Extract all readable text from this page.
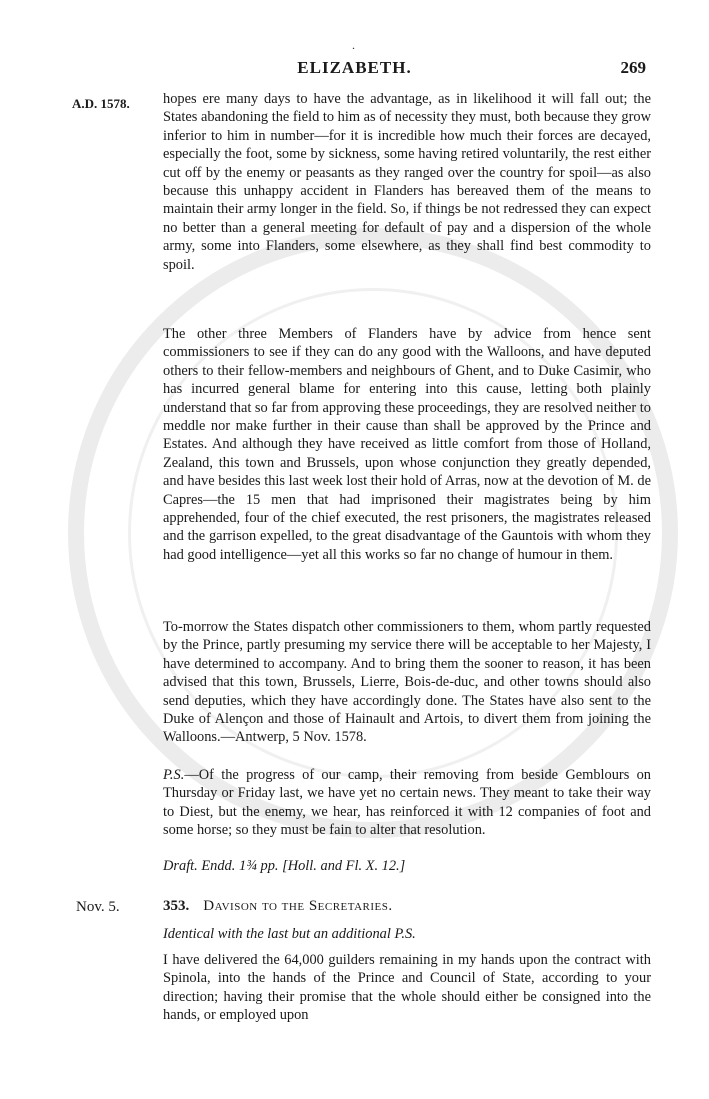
.
ELIZABETH.	269
A.D. 1578. hopes ere many days to have the advantage, as in likelihood it will fall out; the States abandoning the field to him as of necessity they must, both because they grow inferior to him in number—for it is incredible how much their forces are decayed, especially the foot, some by sickness, some having retired voluntarily, the rest either cut off by the enemy or peasants as they ranged over the country for spoil—as also because this unhappy accident in Flanders has bereaved them of the means to maintain their army longer in the field. So, if things be not redressed they can expect no better than a general meeting for default of pay and a dispersion of the whole army, some into Flanders, some elsewhere, as they shall find best commodity to spoil.

The other three Members of Flanders have by advice from hence sent commissioners to see if they can do any good with the Walloons, and have deputed others to their fellow-members and neighbours of Ghent, and to Duke Casimir, who has incurred general blame for entering into this cause, letting both plainly understand that so far from approving these proceedings, they are resolved neither to meddle nor make further in their cause than shall be approved by the Prince and Estates. And although they have received as little comfort from those of Holland, Zealand, this town and Brussels, upon whose conjunction they greatly depended, and have besides this last week lost their hold of Arras, now at the devotion of M. de Capres—the 15 men that had imprisoned their magistrates being by him apprehended, four of the chief executed, the rest prisoners, the magistrates released and the garrison expelled, to the great disadvantage of the Gauntois with whom they had good intelligence—yet all this works so far no change of humour in them.

To-morrow the States dispatch other commissioners to them, whom partly requested by the Prince, partly presuming my service there will be acceptable to her Majesty, I have determined to accompany. And to bring them the sooner to reason, it has been advised that this town, Brussels, Lierre, Bois-de-duc, and other towns should also send deputies, which they have accordingly done. The States have also sent to the Duke of Alençon and those of Hainault and Artois, to divert them from joining the Walloons.—Antwerp, 5 Nov. 1578.

P.S.—Of the progress of our camp, their removing from beside Gemblours on Thursday or Friday last, we have yet no certain news. They meant to take their way to Diest, but the enemy, we hear, has reinforced it with 12 companies of foot and some horse; so they must be fain to alter that resolution.

Draft. Endd. 1¾ pp. [Holl. and Fl. X. 12.]
Nov. 5.	353. Davison to the Secretaries.
Identical with the last but an additional P.S.

I have delivered the 64,000 guilders remaining in my hands upon the contract with Spinola, into the hands of the Prince and Council of State, according to your direction; having their promise that the whole should either be consigned into the hands, or employed upon
